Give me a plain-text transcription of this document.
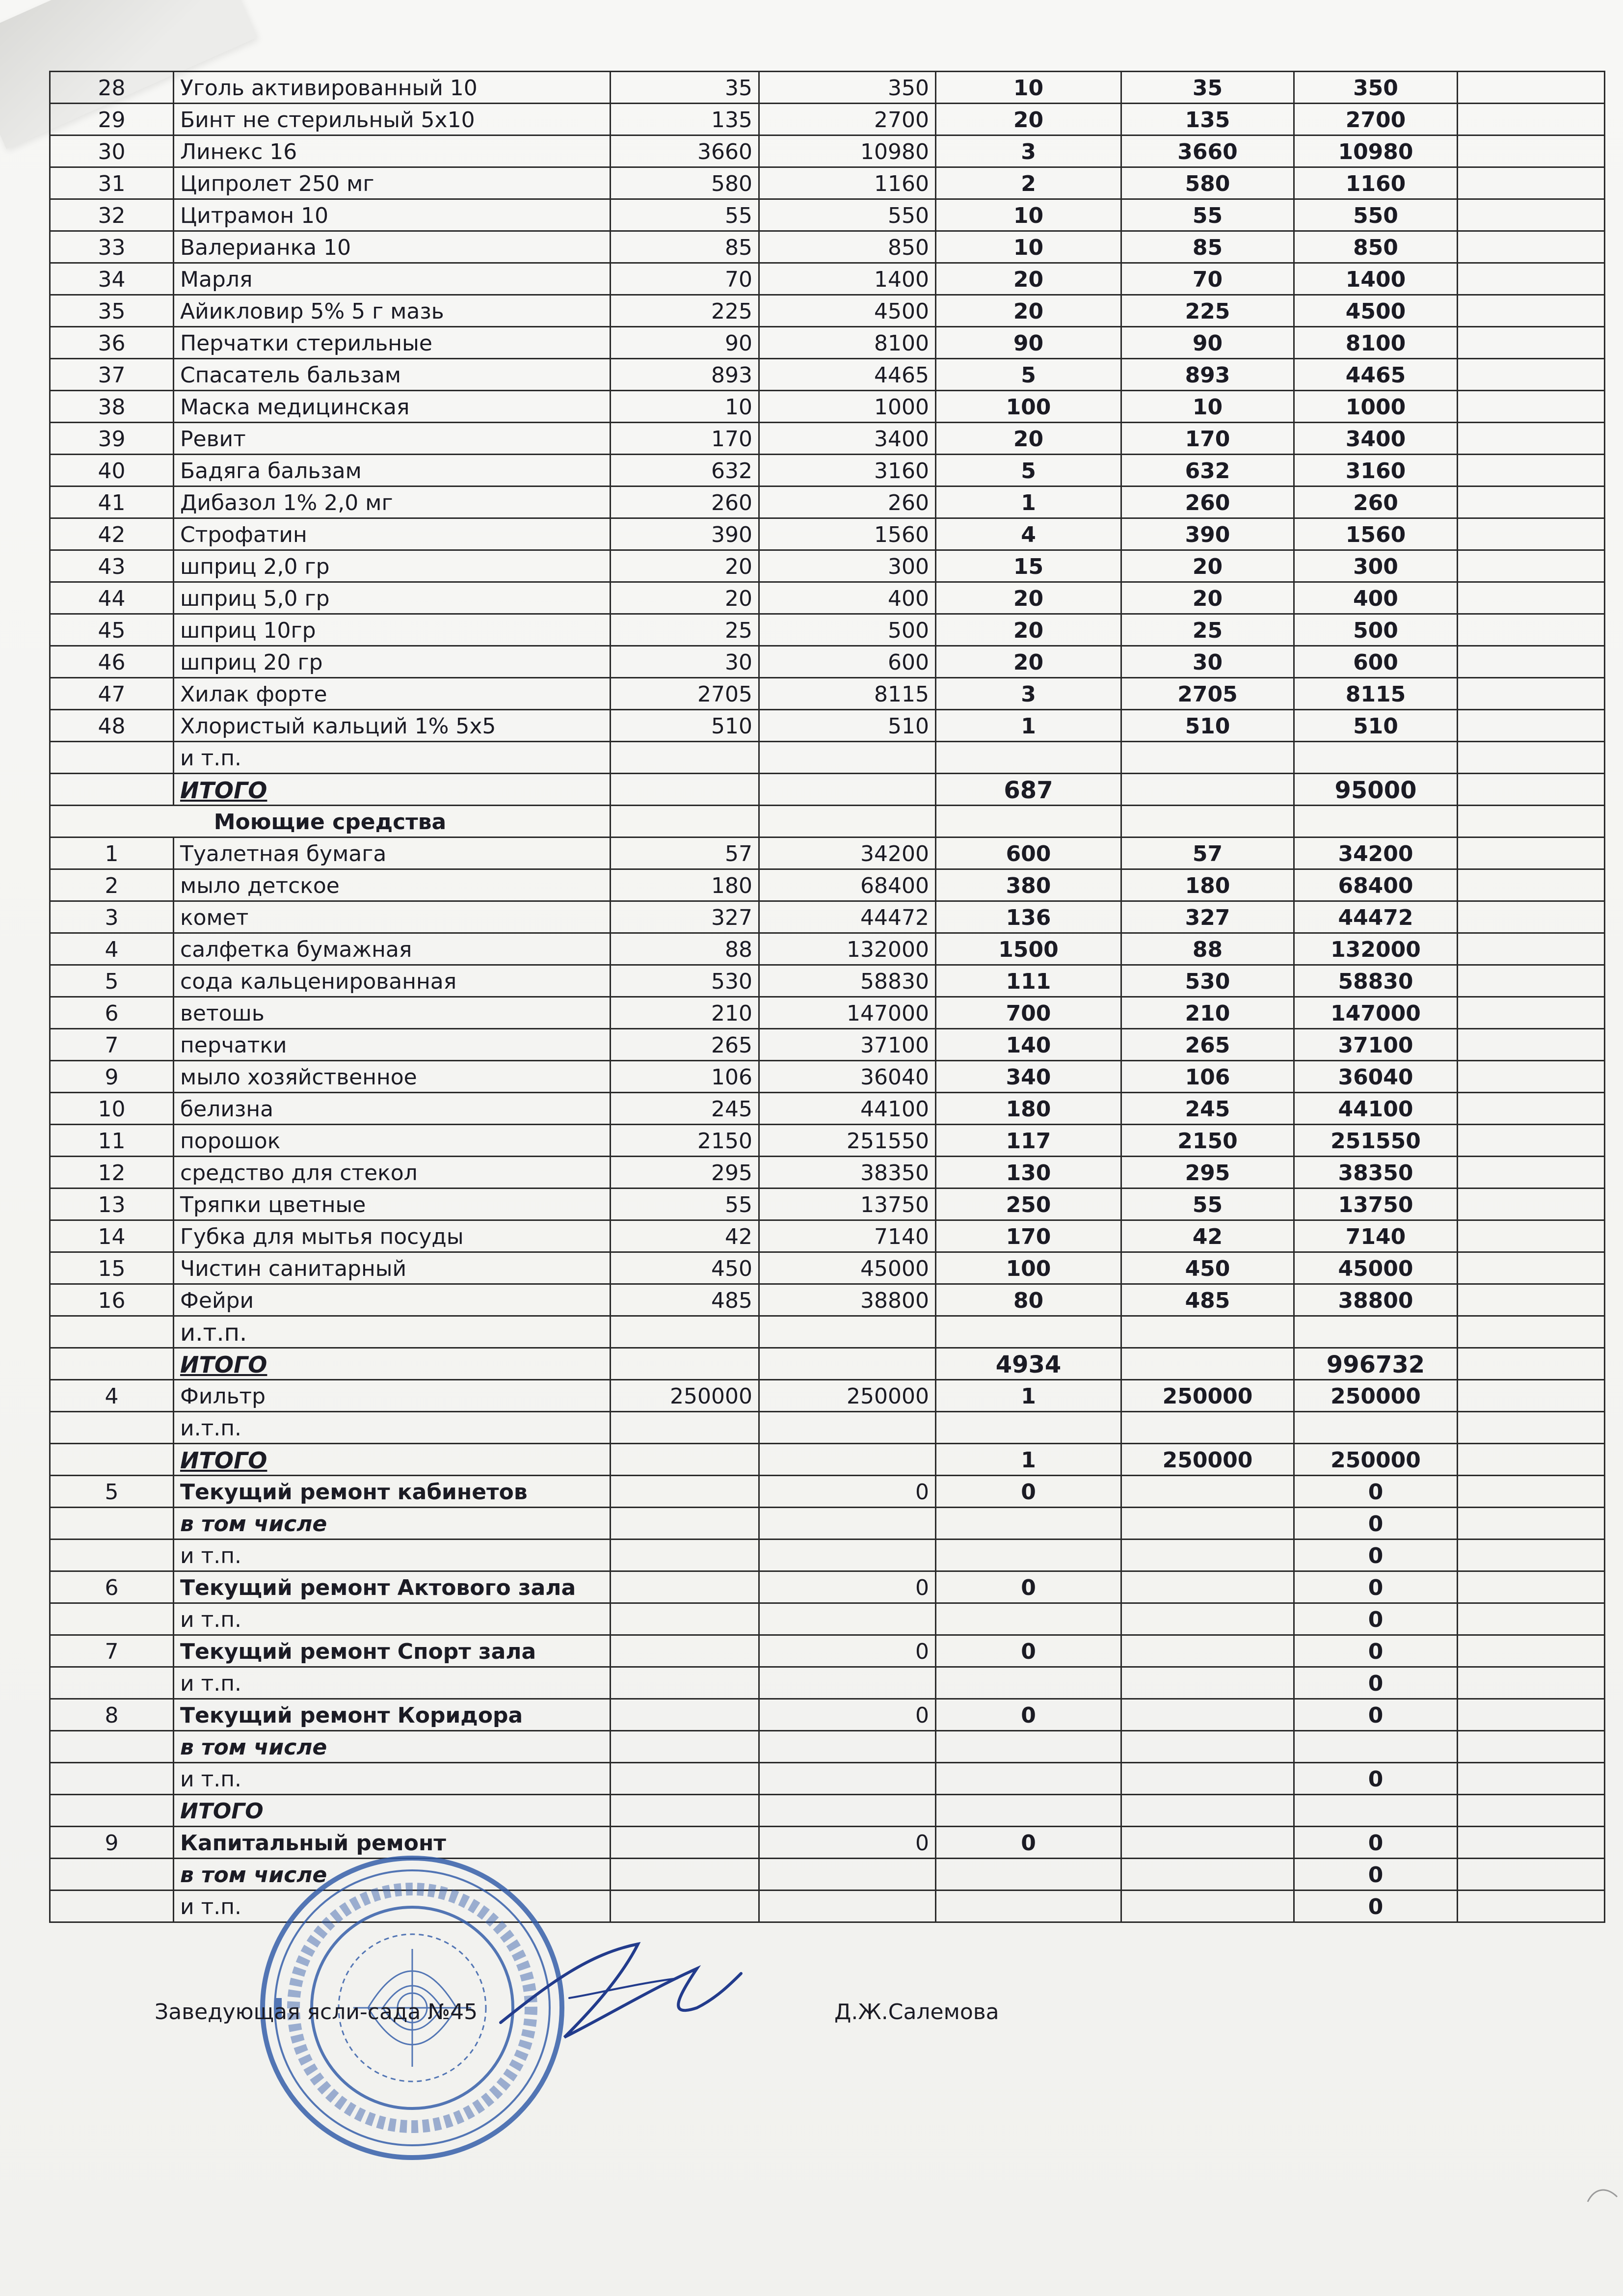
28	Уголь активированный 10	35	350	10	35	350	
29	Бинт не стерильный 5х10	135	2700	20	135	2700	
30	Линекс 16	3660	10980	3	3660	10980	
31	Ципролет 250 мг	580	1160	2	580	1160	
32	Цитрамон 10	55	550	10	55	550	
33	Валерианка 10	85	850	10	85	850	
34	Марля	70	1400	20	70	1400	
35	Айикловир 5% 5 г мазь	225	4500	20	225	4500	
36	Перчатки стерильные	90	8100	90	90	8100	
37	Спасатель бальзам	893	4465	5	893	4465	
38	Маска медицинская	10	1000	100	10	1000	
39	Ревит	170	3400	20	170	3400	
40	Бадяга бальзам	632	3160	5	632	3160	
41	Дибазол 1% 2,0 мг	260	260	1	260	260	
42	Строфатин	390	1560	4	390	1560	
43	шприц 2,0 гр	20	300	15	20	300	
44	шприц 5,0 гр	20	400	20	20	400	
45	шприц 10гр	25	500	20	25	500	
46	шприц 20 гр	30	600	20	30	600	
47	Хилак форте	2705	8115	3	2705	8115	
48	Хлористый кальций 1% 5х5	510	510	1	510	510	
	и т.п.						
	ИТОГО			687		95000	
Моющие средства							
1	Туалетная бумага	57	34200	600	57	34200	
2	мыло детское	180	68400	380	180	68400	
3	комет	327	44472	136	327	44472	
4	салфетка бумажная	88	132000	1500	88	132000	
5	сода кальценированная	530	58830	111	530	58830	
6	ветошь	210	147000	700	210	147000	
7	перчатки	265	37100	140	265	37100	
9	мыло хозяйственное	106	36040	340	106	36040	
10	белизна	245	44100	180	245	44100	
11	порошок	2150	251550	117	2150	251550	
12	средство для стекол	295	38350	130	295	38350	
13	Тряпки цветные	55	13750	250	55	13750	
14	Губка для мытья посуды	42	7140	170	42	7140	
15	Чистин санитарный	450	45000	100	450	45000	
16	Фейри	485	38800	80	485	38800	
	и.т.п.						
	ИТОГО			4934		996732	
4	Фильтр	250000	250000	1	250000	250000	
	и.т.п.						
	ИТОГО			1	250000	250000	
5	Текущий ремонт кабинетов		0	0		0	
	в том числе					0	
	и т.п.					0	
6	Текущий ремонт Актового зала		0	0		0	
	и т.п.					0	
7	Текущий ремонт Спорт зала		0	0		0	
	и т.п.					0	
8	Текущий ремонт Коридора		0	0		0	
	в том числе						
	и т.п.					0	
	ИТОГО						
9	Капитальный ремонт		0	0		0	
	в том числе					0	
	и т.п.					0	
Заведующая ясли-сада №45	Д.Ж.Салемова
